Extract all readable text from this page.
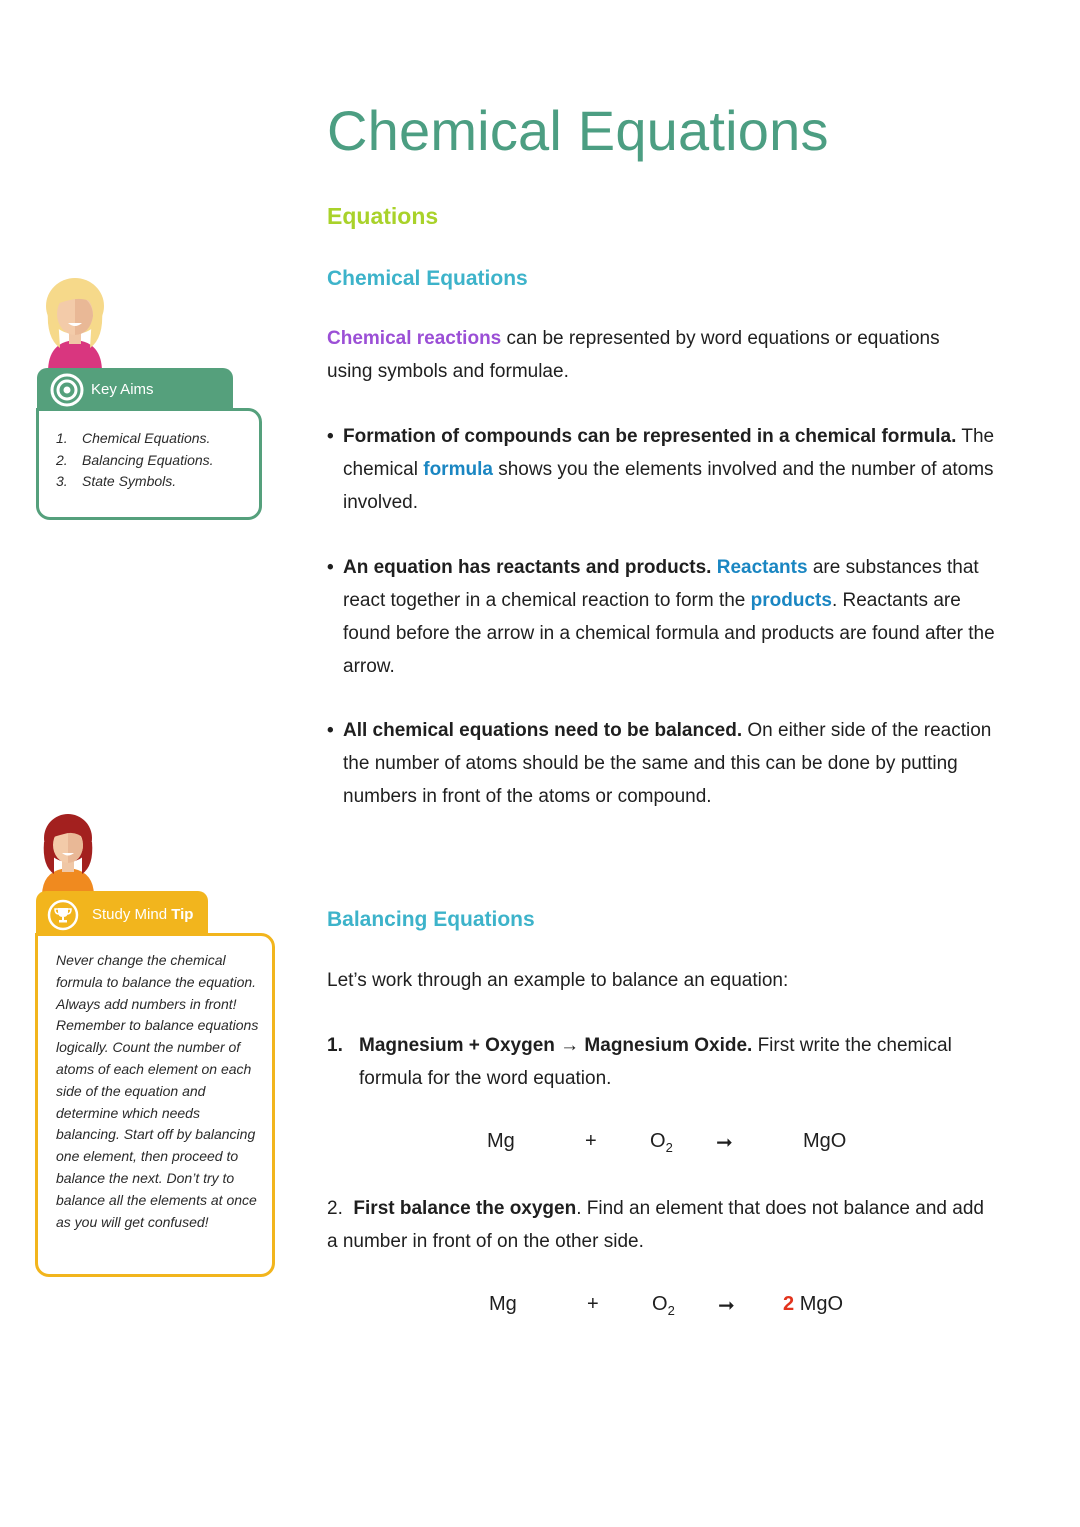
Chemical Equations
Equations
Chemical Equations
Chemical reactions can be represented by word equations or equations using symbols and formulae.
• Formation of compounds can be represented in a chemical formula. The chemical formula shows you the elements involved and the number of atoms involved.
• An equation has reactants and products. Reactants are substances that react together in a chemical reaction to form the products. Reactants are found before the arrow in a chemical formula and products are found after the arrow.
• All chemical equations need to be balanced. On either side of the reaction the number of atoms should be the same and this can be done by putting numbers in front of the atoms or compound.
Balancing Equations
Let’s work through an example to balance an equation:
1. Magnesium + Oxygen → Magnesium Oxide. First write the chemical formula for the word equation.
Mg	+	$O_2$ ➞	MgO
2. First balance the oxygen. Find an element that does not balance and add a number in front of on the other side.
Mg	+	$O_2$ ➞ 2 MgO
Key Aims
1. Chemical Equations.
2. Balancing Equations.
3. State Symbols.
Study Mind Tip
Never change the chemical formula to balance the equation. Always add numbers in front! Remember to balance equations logically. Count the number of atoms of each element on each side of the equation and determine which needs balancing. Start off by balancing one element, then proceed to balance the next. Don’t try to balance all the elements at once as you will get confused!
